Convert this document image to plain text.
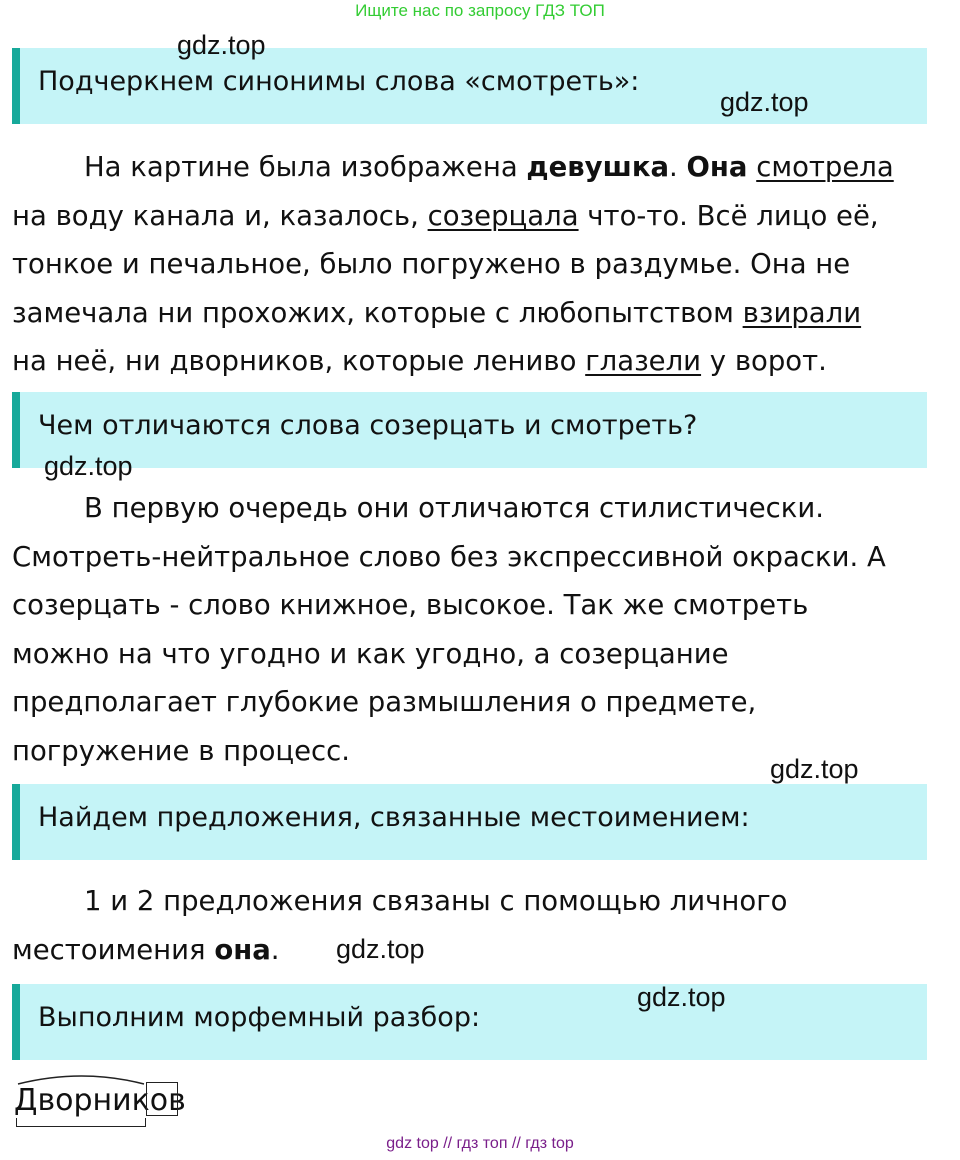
Ищите нас по запросу ГДЗ ТОП
Подчеркнем синонимы слова «смотреть»:

На картине была изображена девушка. Она смотрела

на воду канала и, казалось, созерцала что-то. Всё лицо её,

тонкое и печальное, было погружено в раздумье. Она не

замечала ни прохожих, которые с любопытством взирали

на неё, ни дворников, которые лениво глазели у ворот.

Чем отличаются слова созерцать и смотреть?

В первую очередь они отличаются стилистически.

Смотреть-нейтральное слово без экспрессивной окраски. А

созерцать - слово книжное, высокое. Так же смотреть

можно на что угодно и как угодно, а созерцание

предполагает глубокие размышления о предмете,

погружение в процесс.

Найдем предложения, связанные местоимением:

1 и 2 предложения связаны с помощью личного

местоимения она.

Выполним морфемный разбор:
Дворников
gdz.top
gdz.top
gdz.top
gdz.top
gdz.top
gdz.top
gdz top // гдз топ // гдз top
